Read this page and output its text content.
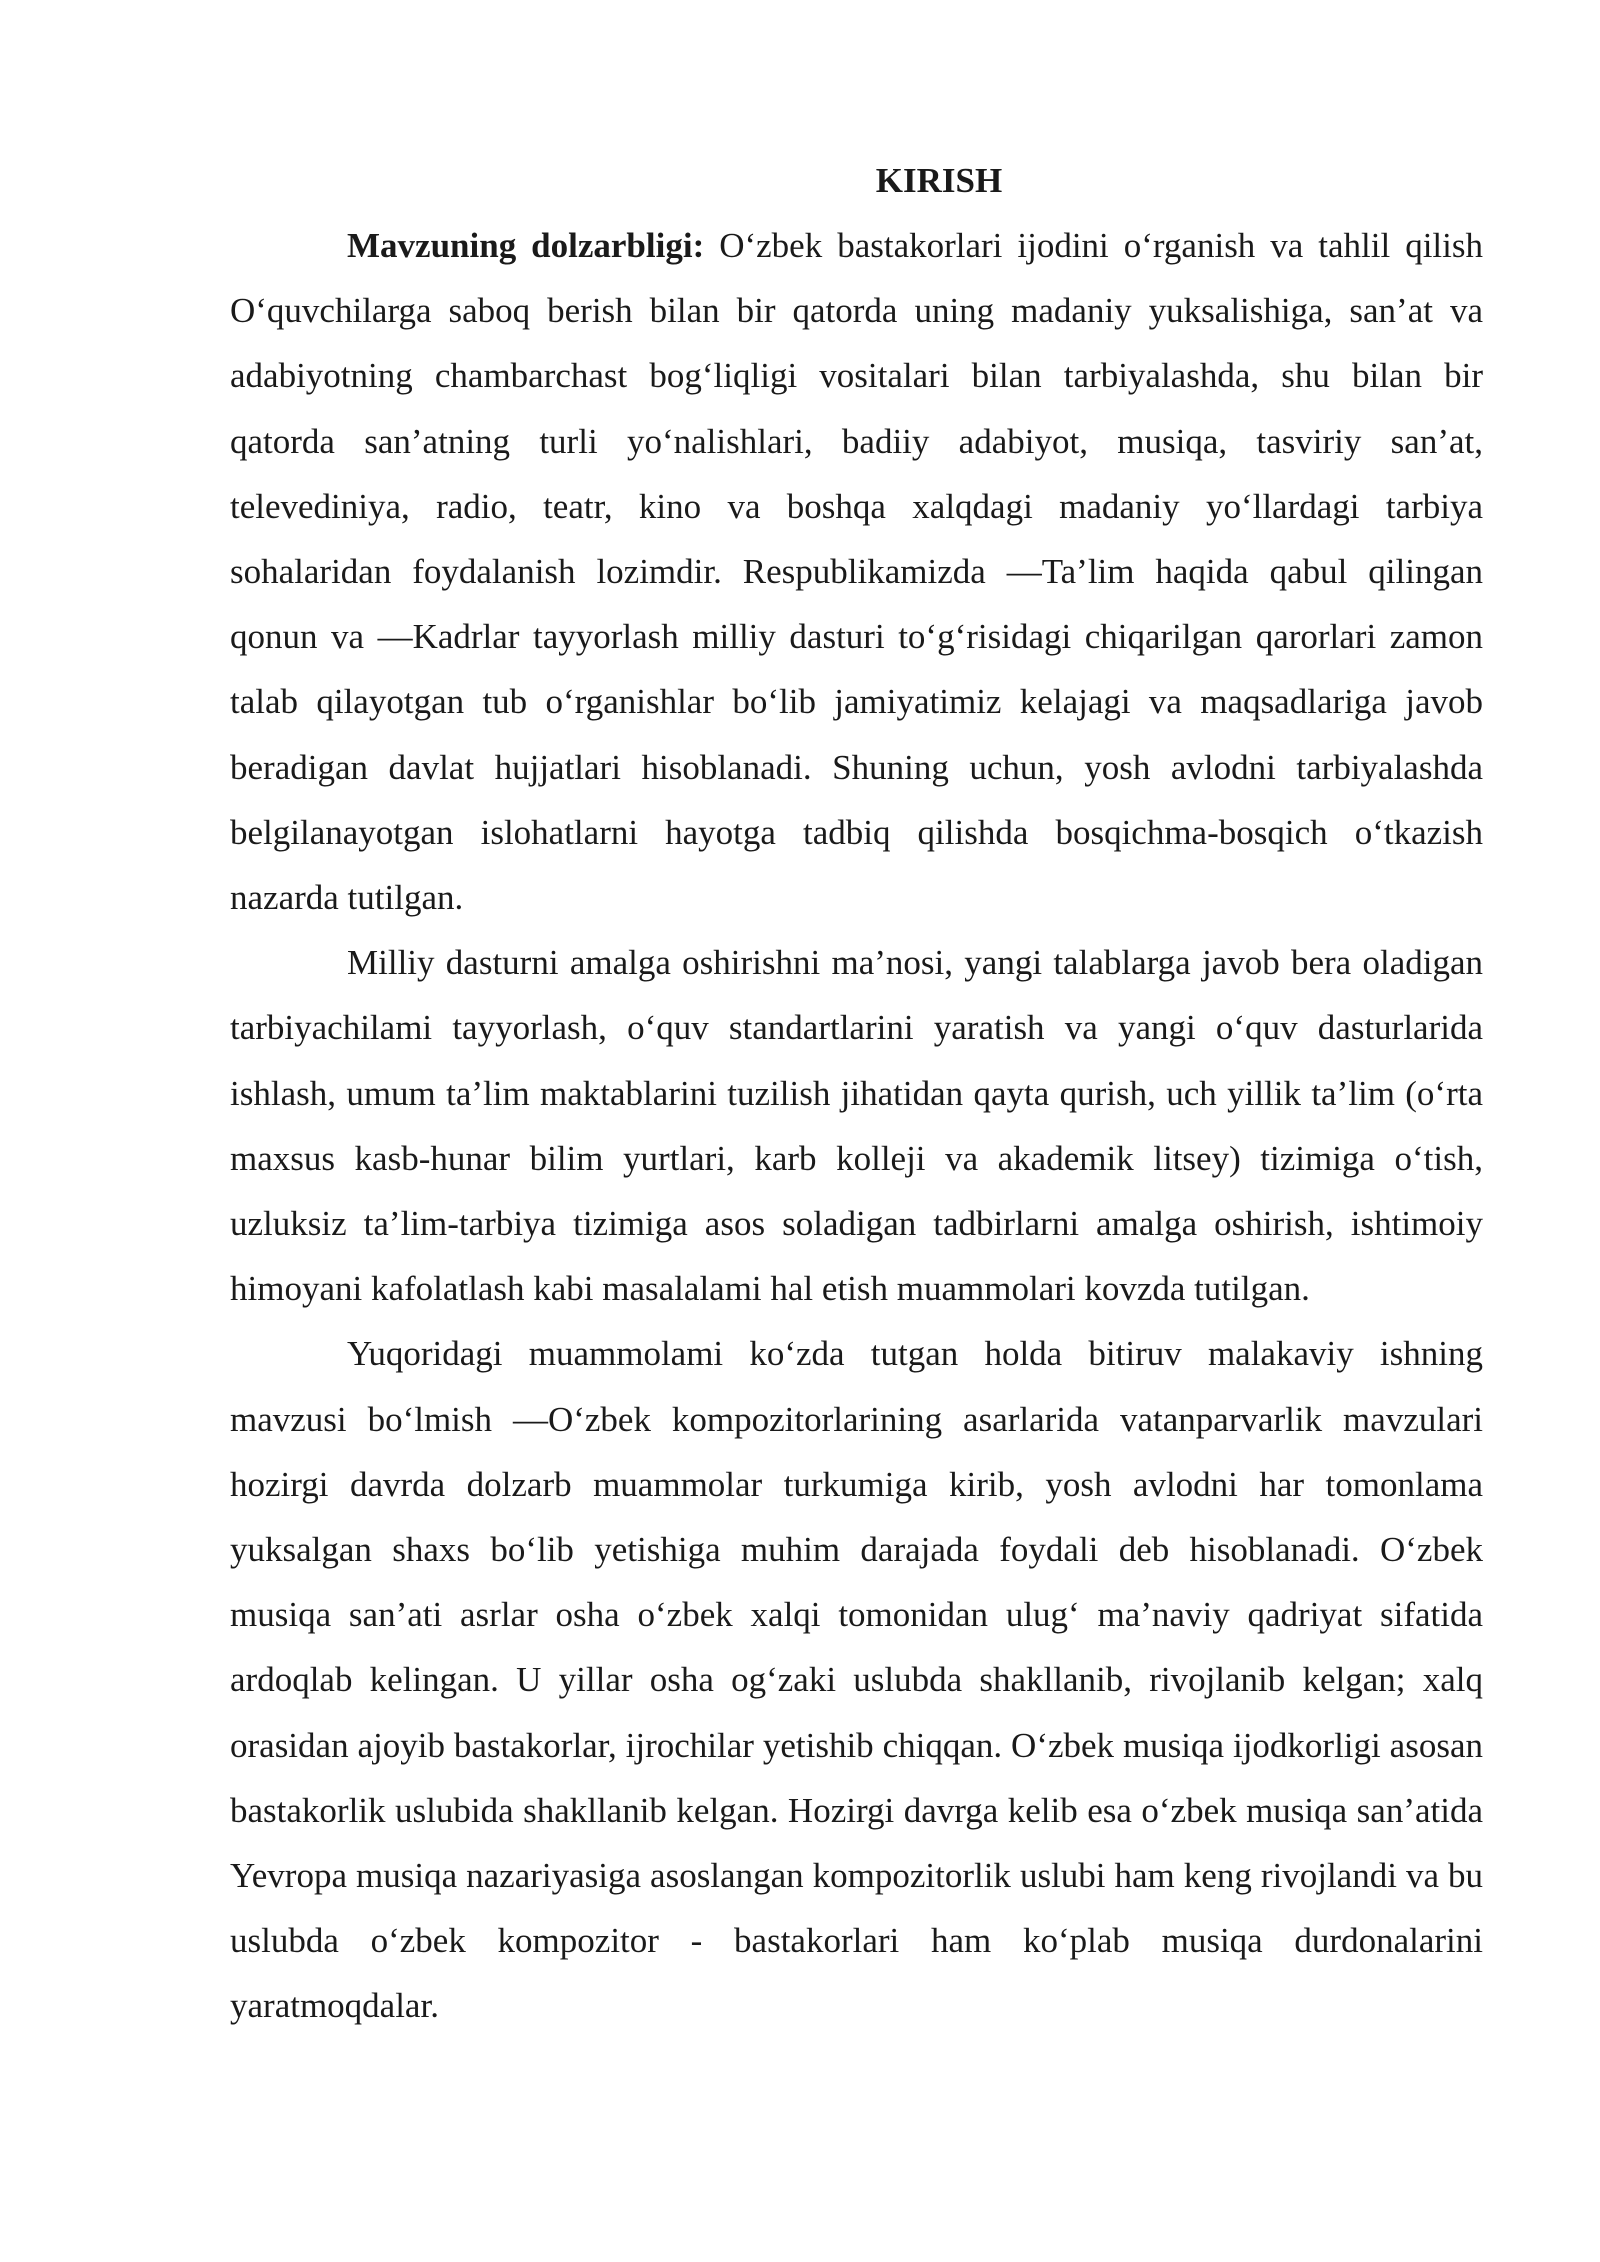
KIRISH

Mavzuning dolzarbligi: O‘zbek bastakorlari ijodini o‘rganish va tahlil qilish O‘quvchilarga saboq berish bilan bir qatorda uning madaniy yuksalishiga, san’at va adabiyotning chambarchast bog‘liqligi vositalari bilan tarbiyalashda, shu bilan bir qatorda san’atning turli yo‘nalishlari, badiiy adabiyot, musiqa, tasviriy san’at, televediniya, radio, teatr, kino va boshqa xalqdagi madaniy yo‘llardagi tarbiya sohalaridan foydalanish lozimdir. Respublikamizda —Ta’lim haqida qabul qilingan qonun va —Kadrlar tayyorlash milliy dasturi to‘g‘risidagi chiqarilgan qarorlari zamon talab qilayotgan tub o‘rganishlar bo‘lib jamiyatimiz kelajagi va maqsadlariga javob beradigan davlat hujjatlari hisoblanadi. Shuning uchun, yosh avlodni tarbiyalashda belgilanayotgan islohatlarni hayotga tadbiq qilishda bosqichma-bosqich o‘tkazish nazarda tutilgan.

Milliy dasturni amalga oshirishni ma’nosi, yangi talablarga javob bera oladigan tarbiyachilami tayyorlash, o‘quv standartlarini yaratish va yangi o‘quv dasturlarida ishlash, umum ta’lim maktablarini tuzilish jihatidan qayta qurish, uch yillik ta’lim (o‘rta maxsus kasb-hunar bilim yurtlari, karb kolleji va akademik litsey) tizimiga o‘tish, uzluksiz ta’lim-tarbiya tizimiga asos soladigan tadbirlarni amalga oshirish, ishtimoiy himoyani kafolatlash kabi masalalami hal etish muammolari kovzda tutilgan.

Yuqoridagi muammolami ko‘zda tutgan holda bitiruv malakaviy ishning mavzusi bo‘lmish —O‘zbek kompozitorlarining asarlarida vatanparvarlik mavzulari hozirgi davrda dolzarb muammolar turkumiga kirib, yosh avlodni har tomonlama yuksalgan shaxs bo‘lib yetishiga muhim darajada foydali deb hisoblanadi. O‘zbek musiqa san’ati asrlar osha o‘zbek xalqi tomonidan ulug‘ ma’naviy qadriyat sifatida ardoqlab kelingan. U yillar osha og‘zaki uslubda shakllanib, rivojlanib kelgan; xalq orasidan ajoyib bastakorlar, ijrochilar yetishib chiqqan. O‘zbek musiqa ijodkorligi asosan bastakorlik uslubida shakllanib kelgan. Hozirgi davrga kelib esa o‘zbek musiqa san’atida Yevropa musiqa nazariyasiga asoslangan kompozitorlik uslubi ham keng rivojlandi va bu uslubda o‘zbek kompozitor - bastakorlari ham ko‘plab musiqa durdonalarini yaratmoqdalar.
